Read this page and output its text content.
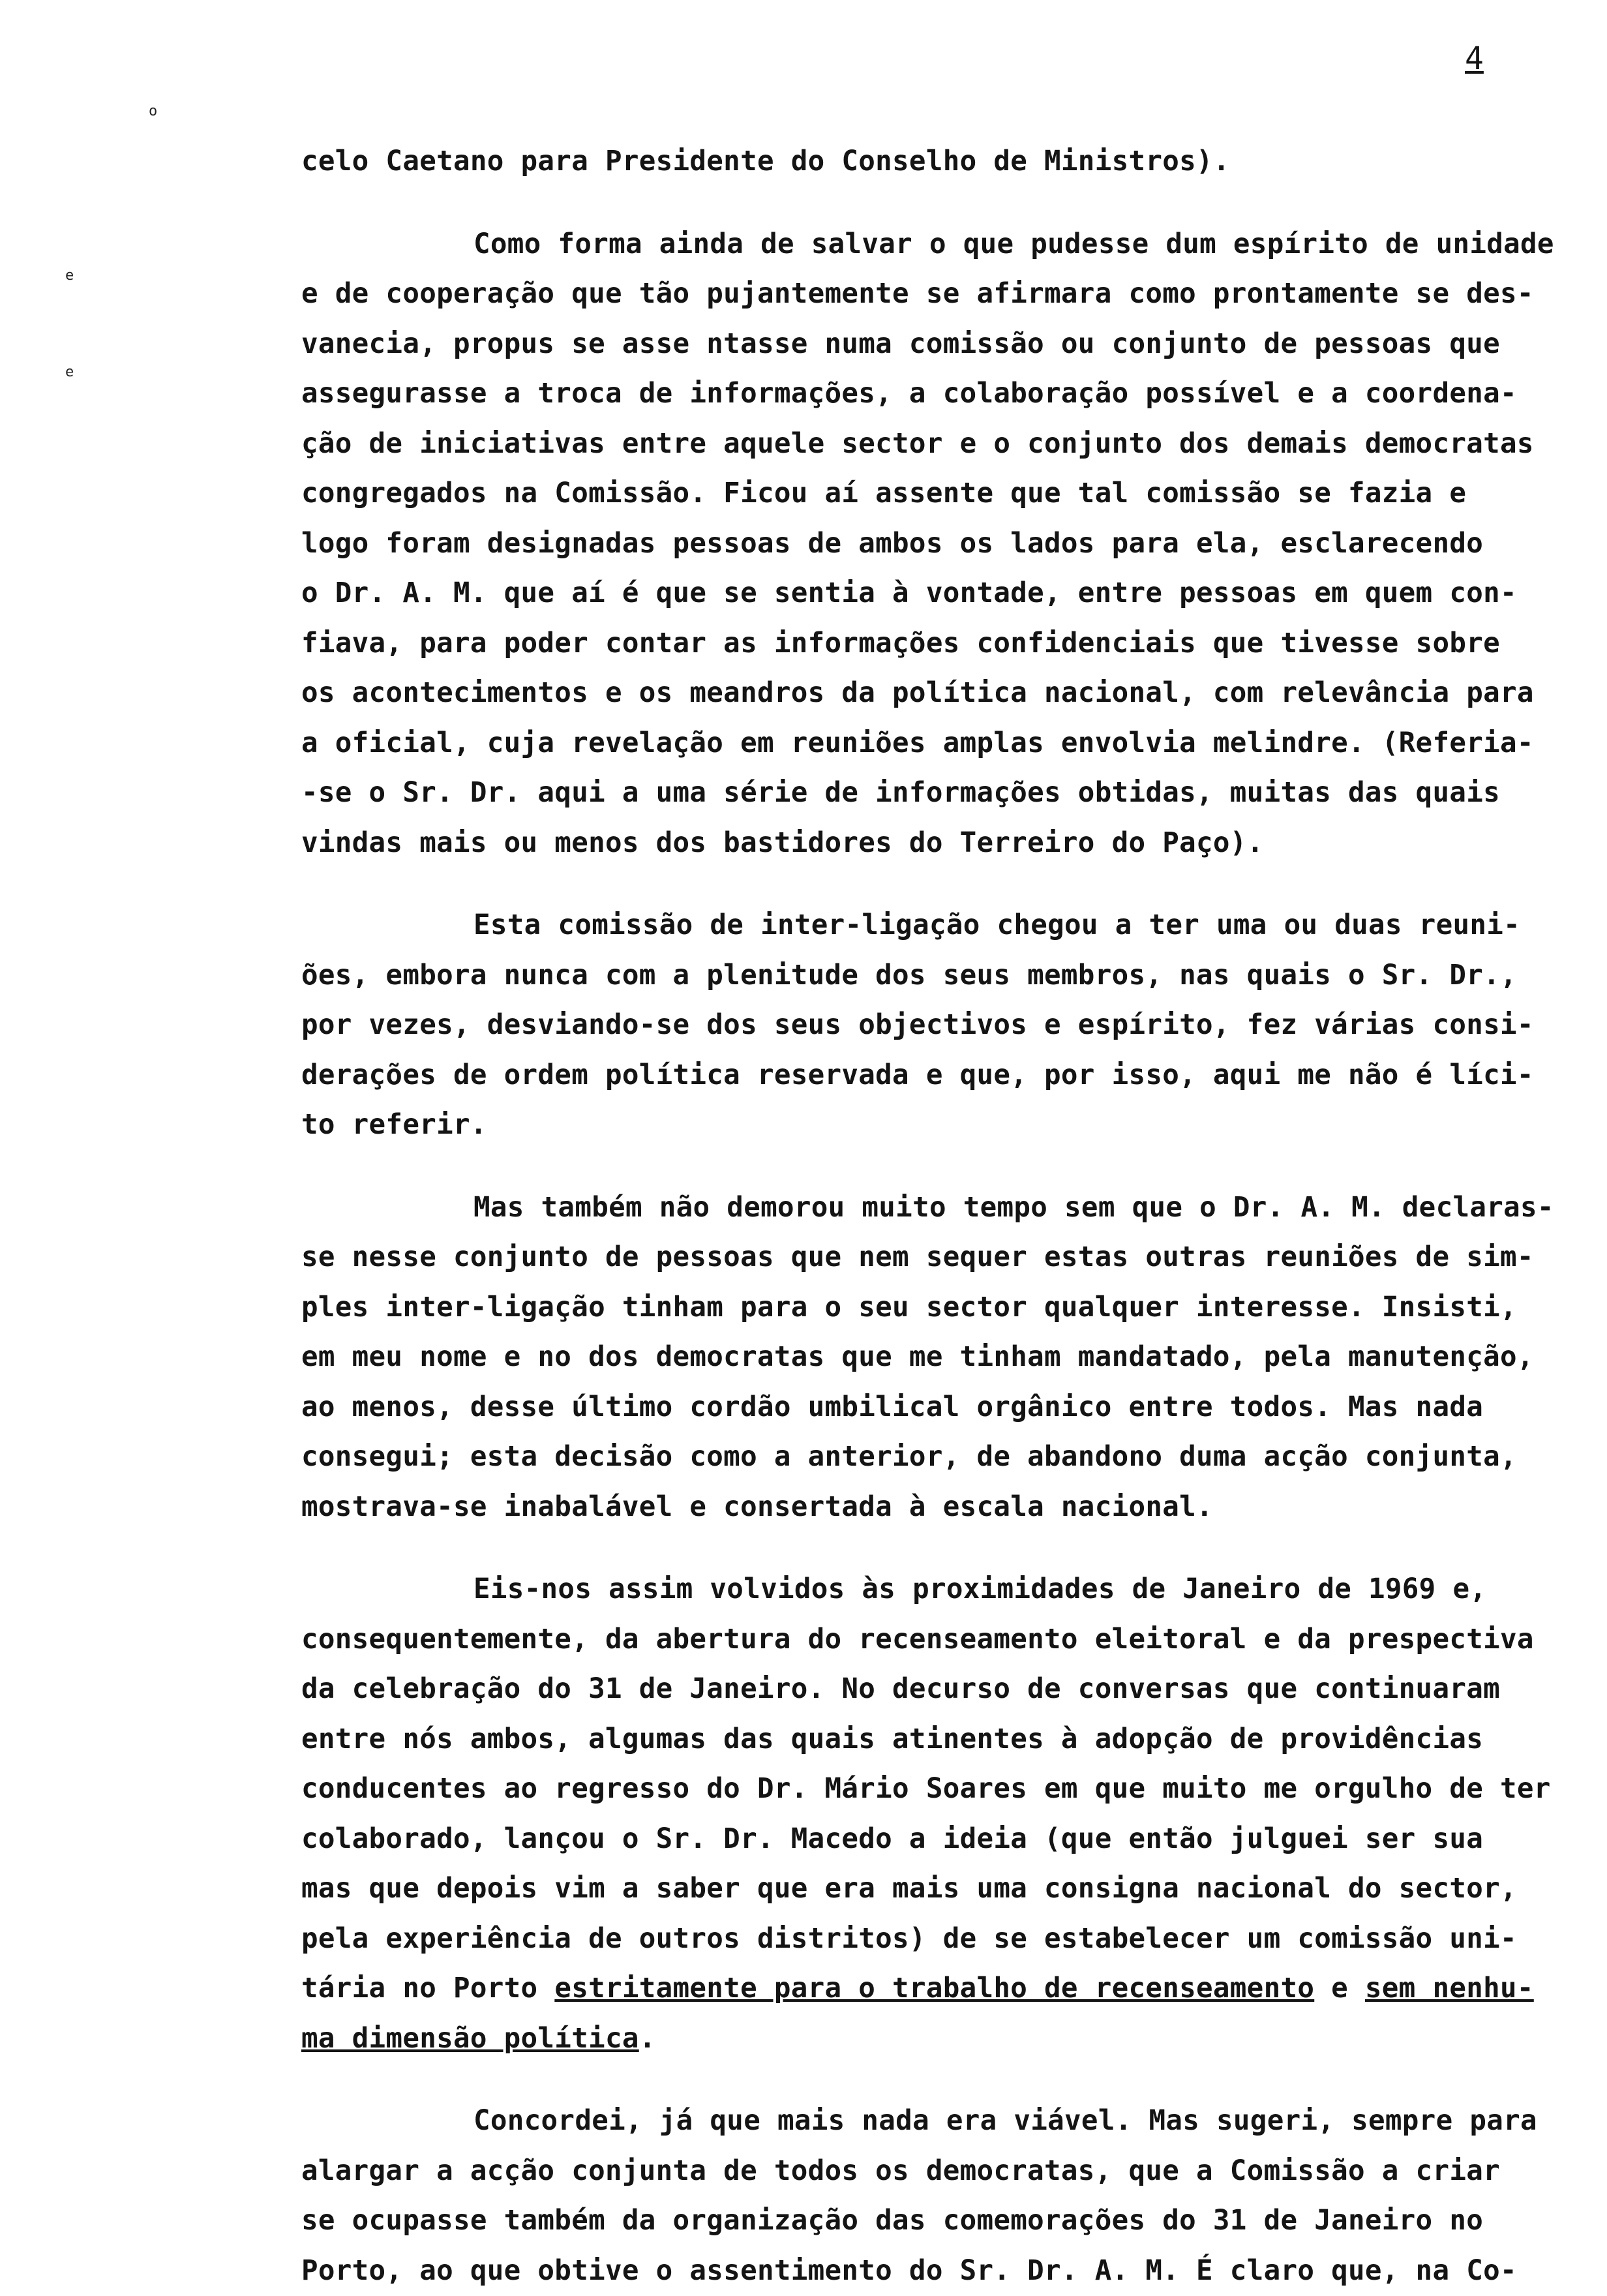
4
o
e
e
celo Caetano para Presidente do Conselho de Ministros).
Como forma ainda de salvar o que pudesse dum espírito de unidade
e de cooperação que tão pujantemente se afirmara como prontamente se des-
vanecia, propus se asse ntasse numa comissão ou conjunto de pessoas que
assegurasse a troca de informações, a colaboração possível e a coordena-
ção de iniciativas entre aquele sector e o conjunto dos demais democratas
congregados na Comissão. Ficou aí assente que tal comissão se fazia e
logo foram designadas pessoas de ambos os lados para ela, esclarecendo
o Dr. A. M. que aí é que se sentia à vontade, entre pessoas em quem con-
fiava, para poder contar as informações confidenciais que tivesse sobre
os acontecimentos e os meandros da política nacional, com relevância para
a oficial, cuja revelação em reuniões amplas envolvia melindre. (Referia-
-se o Sr. Dr. aqui a uma série de informações obtidas, muitas das quais
vindas mais ou menos dos bastidores do Terreiro do Paço).
Esta comissão de inter-ligação chegou a ter uma ou duas reuni-
ões, embora nunca com a plenitude dos seus membros, nas quais o Sr. Dr.,
por vezes, desviando-se dos seus objectivos e espírito, fez várias consi-
derações de ordem política reservada e que, por isso, aqui me não é líci-
to referir.
Mas também não demorou muito tempo sem que o Dr. A. M. declaras-
se nesse conjunto de pessoas que nem sequer estas outras reuniões de sim-
ples inter-ligação tinham para o seu sector qualquer interesse. Insisti,
em meu nome e no dos democratas que me tinham mandatado, pela manutenção,
ao menos, desse último cordão umbilical orgânico entre todos. Mas nada
consegui; esta decisão como a anterior, de abandono duma acção conjunta,
mostrava-se inabalável e consertada à escala nacional.
Eis-nos assim volvidos às proximidades de Janeiro de 1969 e,
consequentemente, da abertura do recenseamento eleitoral e da prespectiva
da celebração do 31 de Janeiro. No decurso de conversas que continuaram
entre nós ambos, algumas das quais atinentes à adopção de providências
conducentes ao regresso do Dr. Mário Soares em que muito me orgulho de ter
colaborado, lançou o Sr. Dr. Macedo a ideia (que então julguei ser sua
mas que depois vim a saber que era mais uma consigna nacional do sector,
pela experiência de outros distritos) de se estabelecer um comissão uni-
tária no Porto estritamente para o trabalho de recenseamento e sem nenhu-
ma dimensão política.
Concordei, já que mais nada era viável. Mas sugeri, sempre para
alargar a acção conjunta de todos os democratas, que a Comissão a criar
se ocupasse também da organização das comemorações do 31 de Janeiro no
Porto, ao que obtive o assentimento do Sr. Dr. A. M. É claro que, na Co-
